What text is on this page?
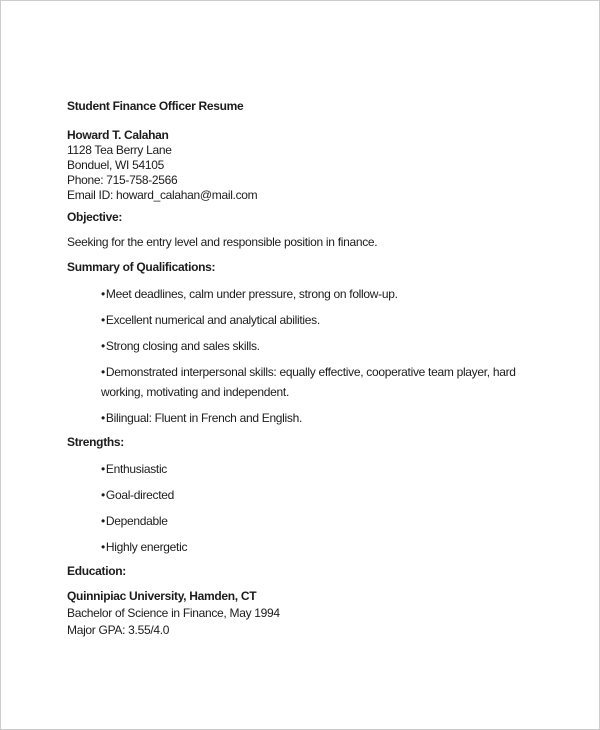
Student Finance Officer Resume

Howard T. Calahan

1128 Tea Berry Lane

Bonduel, WI 54105

Phone: 715-758-2566

Email ID: howard_calahan@mail.com

Objective:

Seeking for the entry level and responsible position in finance.

Summary of Qualifications:

•Meet deadlines, calm under pressure, strong on follow-up.

•Excellent numerical and analytical abilities.

•Strong closing and sales skills.

•Demonstrated interpersonal skills: equally effective, cooperative team player, hard working, motivating and independent.

•Bilingual: Fluent in French and English.

Strengths:

•Enthusiastic

•Goal-directed

•Dependable

•Highly energetic

Education:

Quinnipiac University, Hamden, CT

Bachelor of Science in Finance, May 1994

Major GPA: 3.55/4.0
